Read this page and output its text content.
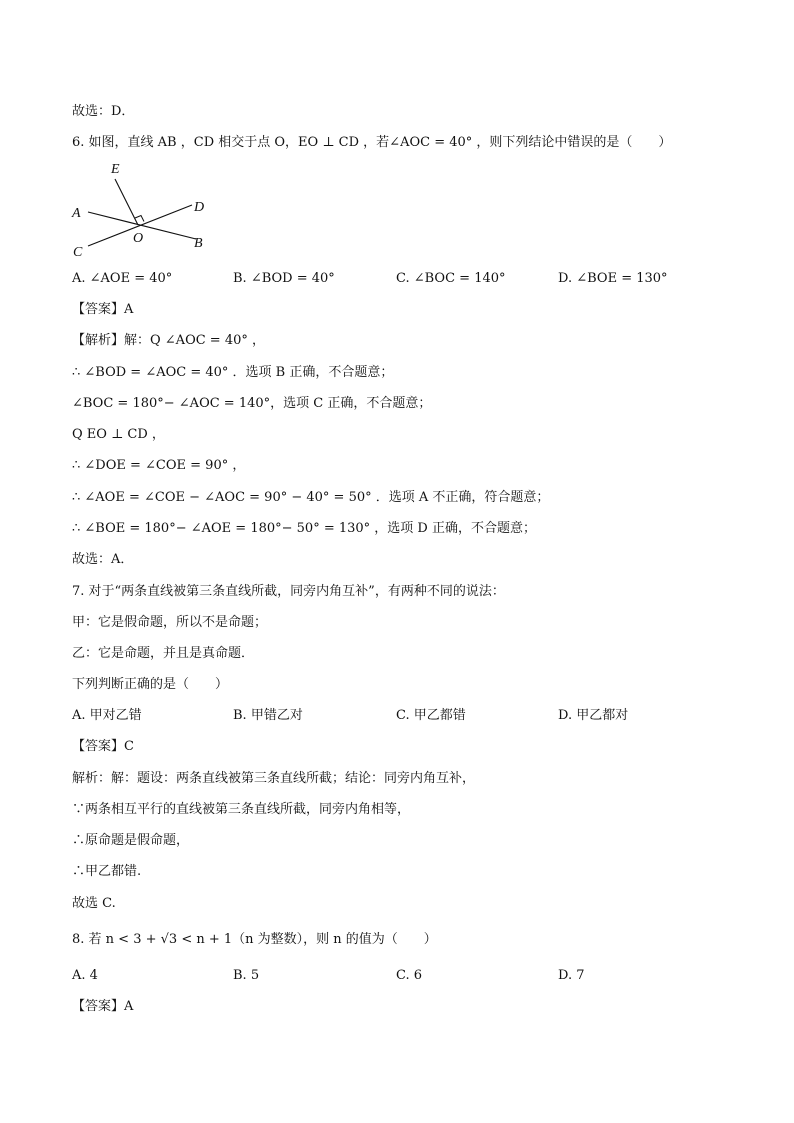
故选：D．
6. 如图，直线 AB ，CD 相交于点 O，EO ⊥ CD ，若∠AOC = 40° ，则下列结论中错误的是（　　）
E
A	D
O
C
B
A. ∠AOE = 40°	B. ∠BOD = 40°	C. ∠BOC = 140°	D. ∠BOE = 130°
【答案】A
【解析】解：Q ∠AOC = 40° ，
∴ ∠BOD = ∠AOC = 40° ．选项 B 正确，不合题意；
∠BOC = 180°− ∠AOC = 140°，选项 C 正确，不合题意；
Q EO ⊥ CD ，
∴ ∠DOE = ∠COE = 90° ，
∴ ∠AOE = ∠COE − ∠AOC = 90° − 40° = 50° ．选项 A 不正确，符合题意；
∴ ∠BOE = 180°− ∠AOE = 180°− 50° = 130° ，选项 D 正确，不合题意；
故选：A．
7. 对于“两条直线被第三条直线所截，同旁内角互补”，有两种不同的说法：
甲：它是假命题，所以不是命题；
乙：它是命题，并且是真命题．
下列判断正确的是（　　）
A. 甲对乙错	B. 甲错乙对	C. 甲乙都错	D. 甲乙都对
【答案】C
解析：解：题设：两条直线被第三条直线所截；结论：同旁内角互补，
∵两条相互平行的直线被第三条直线所截，同旁内角相等，
∴原命题是假命题，
∴甲乙都错.
故选 C.
8. 若 n < 3 + √3 < n + 1（n 为整数），则 n 的值为（　　）
A. 4	B. 5	C. 6	D. 7
【答案】A
